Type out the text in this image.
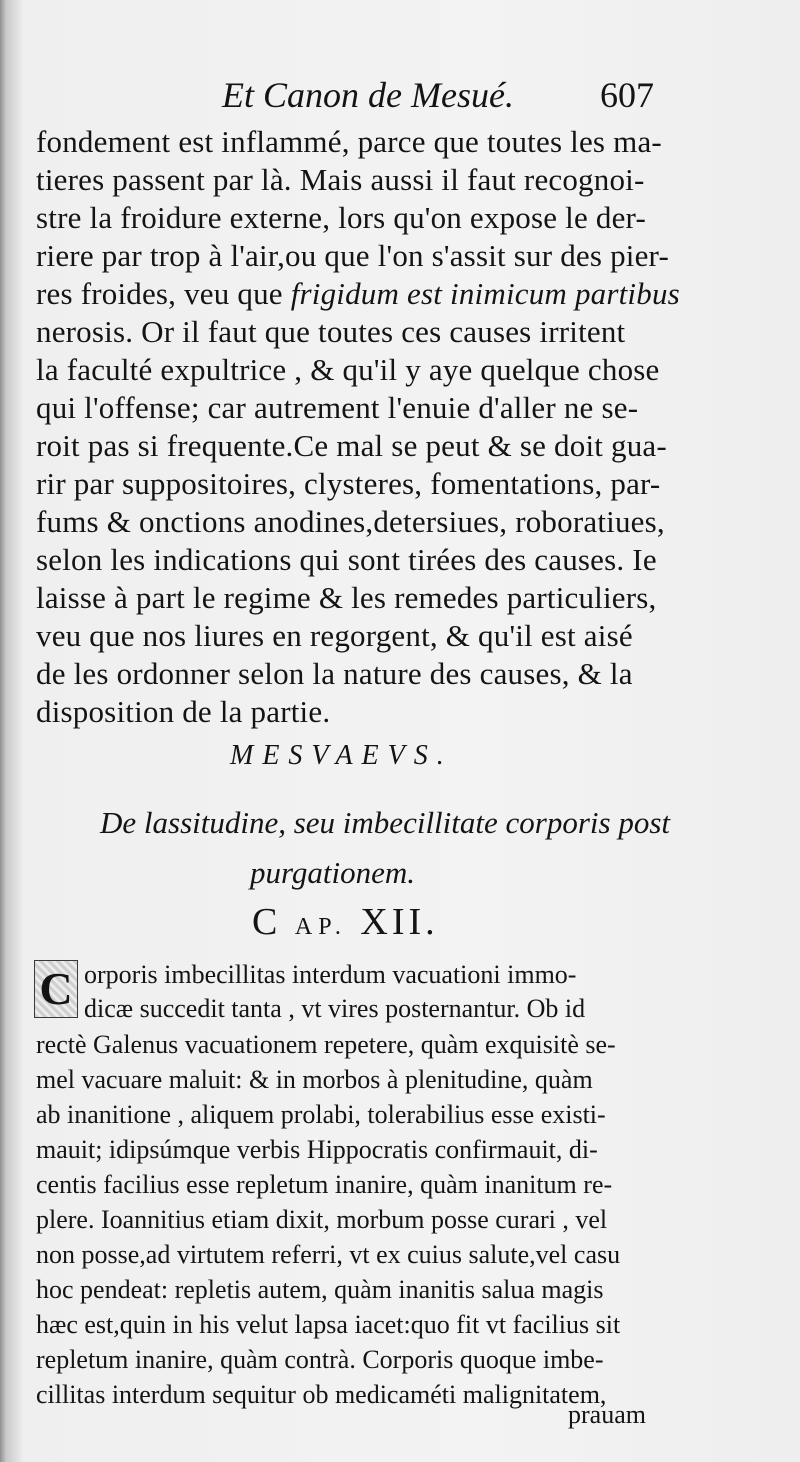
Et Canon de Mesué. 607
fondement est inflammé, parce que toutes les ma-
tieres passent par là. Mais aussi il faut recognoi-
stre la froidure externe, lors qu'on expose le der-
riere par trop à l'air,ou que l'on s'assit sur des pier-
res froides, veu que frigidum est inimicum partibus
nerosis. Or il faut que toutes ces causes irritent
la faculté expultrice , & qu'il y aye quelque chose
qui l'offense; car autrement l'enuie d'aller ne se-
roit pas si frequente.Ce mal se peut & se doit gua-
rir par suppositoires, clysteres, fomentations, par-
fums & onctions anodines,detersiues, roboratiues,
selon les indications qui sont tirées des causes. Ie
laisse à part le regime & les remedes particuliers,
veu que nos liures en regorgent, & qu'il est aisé
de les ordonner selon la nature des causes, & la
disposition de la partie.
MESVAEVS.
De lassitudine, seu imbecillitate corporis post
purgationem.
C AP. XII.
C orporis imbecillitas interdum vacuationi immo-
dicæ succedit tanta , vt vires posternantur. Ob id
rectè Galenus vacuationem repetere, quàm exquisitè se-
mel vacuare maluit: & in morbos à plenitudine, quàm
ab inanitione , aliquem prolabi, tolerabilius esse existi-
mauit; idipsúmque verbis Hippocratis confirmauit, di-
centis facilius esse repletum inanire, quàm inanitum re-
plere. Ioannitius etiam dixit, morbum posse curari , vel
non posse,ad virtutem referri, vt ex cuius salute,vel casu
hoc pendeat: repletis autem, quàm inanitis salua magis
hæc est,quin in his velut lapsa iacet:quo fit vt facilius sit
repletum inanire, quàm contrà. Corporis quoque imbe-
cillitas interdum sequitur ob medicaméti malignitatem,
prauam
